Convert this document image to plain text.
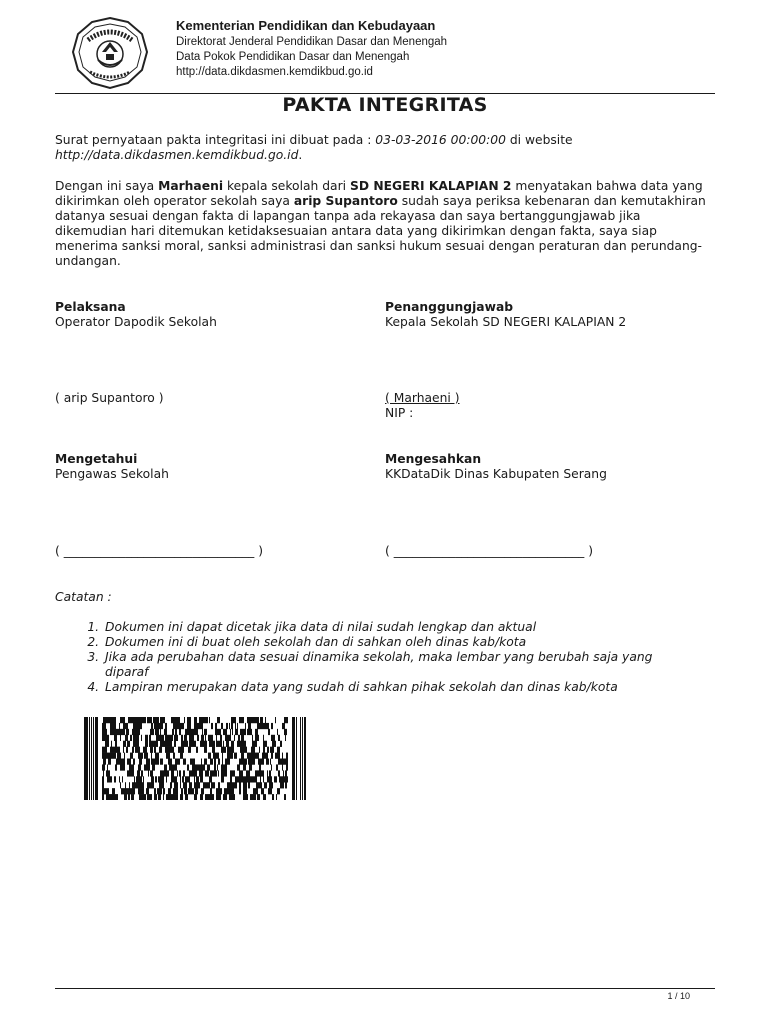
Kementerian Pendidikan dan Kebudayaan
Direktorat Jenderal Pendidikan Dasar dan Menengah
Data Pokok Pendidikan Dasar dan Menengah
http://data.dikdasmen.kemdikbud.go.id
PAKTA INTEGRITAS
Surat pernyataan pakta integritasi ini dibuat pada : 03-03-2016 00:00:00 di website
http://data.dikdasmen.kemdikbud.go.id.
Dengan ini saya Marhaeni kepala sekolah dari SD NEGERI KALAPIAN 2 menyatakan bahwa data yang dikirimkan oleh operator sekolah saya arip Supantoro sudah saya periksa kebenaran dan kemutakhiran datanya sesuai dengan fakta di lapangan tanpa ada rekayasa dan saya bertanggungjawab jika dikemudian hari ditemukan ketidaksesuaian antara data yang dikirimkan dengan fakta, saya siap menerima sanksi moral, sanksi administrasi dan sanksi hukum sesuai dengan peraturan dan perundang-undangan.
Pelaksana
Operator Dapodik Sekolah
Penanggungjawab
Kepala Sekolah SD NEGERI KALAPIAN 2
( arip Supantoro )	( Marhaeni )
NIP :
Mengetahui
Pengawas Sekolah
Mengesahkan
KKDataDik Dinas Kabupaten Serang
( _______________________________ )	( _______________________________ )
Catatan :
1. Dokumen ini dapat dicetak jika data di nilai sudah lengkap dan aktual
2. Dokumen ini di buat oleh sekolah dan di sahkan oleh dinas kab/kota
3. Jika ada perubahan data sesuai dinamika sekolah, maka lembar yang berubah saja yang diparaf
4. Lampiran merupakan data yang sudah di sahkan pihak sekolah dan dinas kab/kota
1 / 10
